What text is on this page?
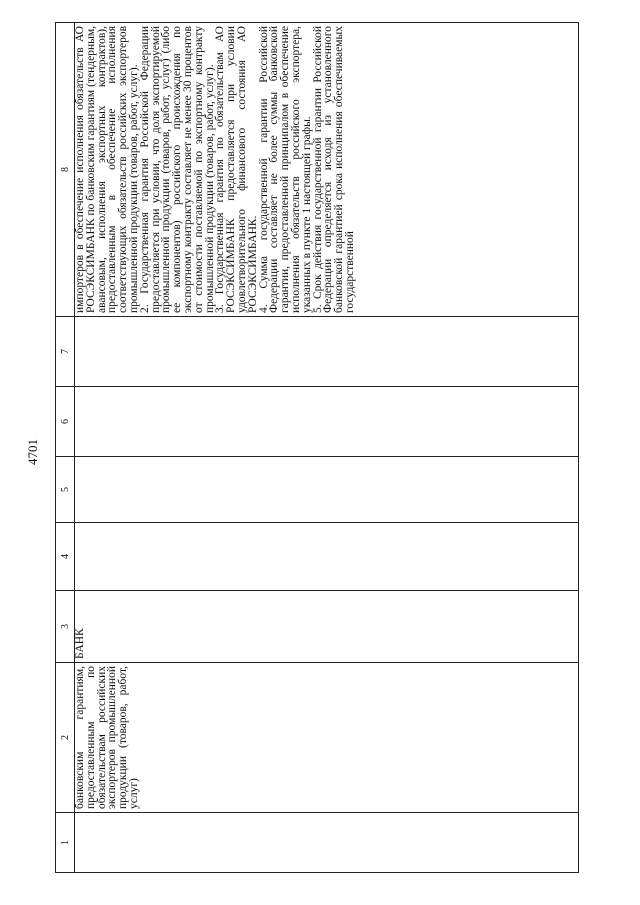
4701
1	2	3	4	5	6	7	8

	банковским гарантиям, предоставленным по обязательствам российских экспортеров промышленной продукции (товаров, работ, услуг)	БАНК					импортеров в обеспечение исполнения обязательств АО РОСЭКСИМБАНК по банковским гарантиям (тендерным, авансовым, исполнения экспортных контрактов), предоставленным в обеспечение исполнения соответствующих обязательств российских экспортеров промышленной продукции (товаров, работ, услуг).

2. Государственная гарантия Российской Федерации предоставляется при условии, что доля экспортируемой промышленной продукции (товаров, работ, услуг) (либо ее компонентов) российского происхождения по экспортному контракту составляет не менее 30 процентов от стоимости поставляемой по экспортному контракту промышленной продукции (товаров, работ, услуг).

3. Государственная гарантия по обязательствам АО РОСЭКСИМБАНК предоставляется при условии удовлетворительного финансового состояния АО РОСЭКСИМБАНК.

4. Сумма государственной гарантии Российской Федерации составляет не более суммы банковской гарантии, предоставленной принципалом в обеспечение исполнения обязательств российского экспортера, указанных в пункте 1 настоящей графы.

5. Срок действия государственной гарантии Российской Федерации определяется исходя из установленного банковской гарантией срока исполнения обеспечиваемых государственной
